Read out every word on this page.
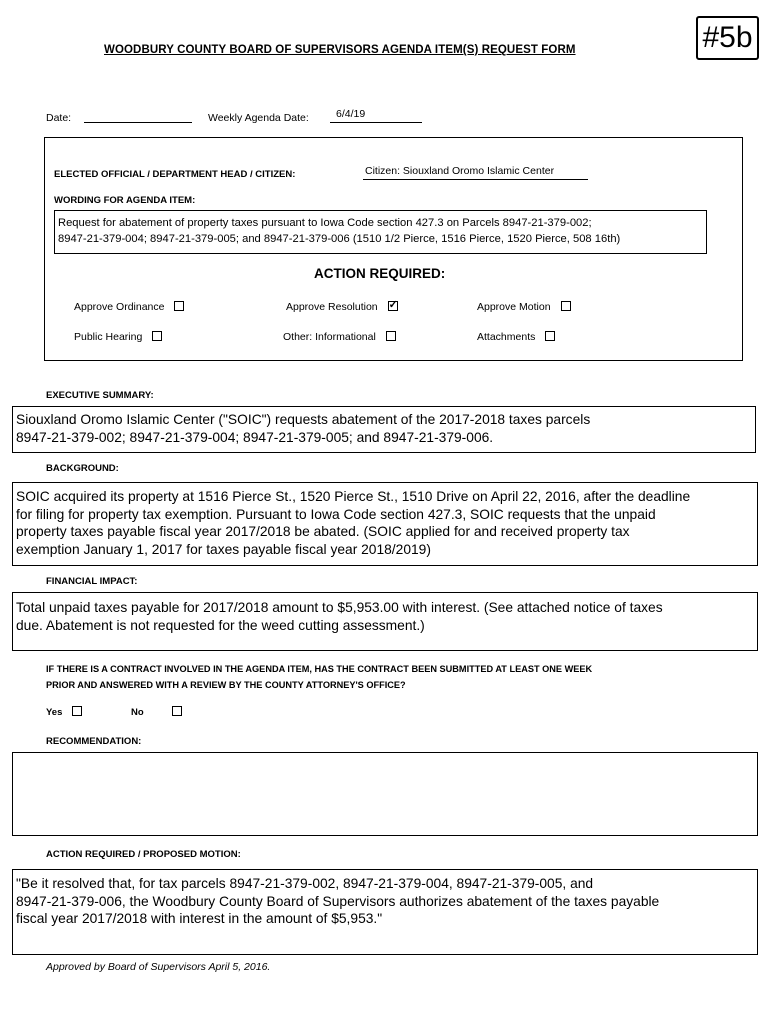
WOODBURY COUNTY BOARD OF SUPERVISORS AGENDA ITEM(S) REQUEST FORM	#5b
Date:	Weekly Agenda Date:	6/4/19
ELECTED OFFICIAL / DEPARTMENT HEAD / CITIZEN:	Citizen: Siouxland Oromo Islamic Center
WORDING FOR AGENDA ITEM:
Request for abatement of property taxes pursuant to Iowa Code section 427.3 on Parcels 8947-21-379-002;
8947-21-379-004; 8947-21-379-005; and 8947-21-379-006 (1510 1/2 Pierce, 1516 Pierce, 1520 Pierce, 508 16th)
ACTION REQUIRED:
Approve Ordinance	Approve Resolution✓	Approve Motion
Public Hearing	Other: Informational	Attachments
EXECUTIVE SUMMARY:
Siouxland Oromo Islamic Center ("SOIC") requests abatement of the 2017-2018 taxes parcels
8947-21-379-002; 8947-21-379-004; 8947-21-379-005; and 8947-21-379-006.
BACKGROUND:
SOIC acquired its property at 1516 Pierce St., 1520 Pierce St., 1510 Drive on April 22, 2016, after the deadline
for filing for property tax exemption. Pursuant to Iowa Code section 427.3, SOIC requests that the unpaid
property taxes payable fiscal year 2017/2018 be abated. (SOIC applied for and received property tax
exemption January 1, 2017 for taxes payable fiscal year 2018/2019)
FINANCIAL IMPACT:
Total unpaid taxes payable for 2017/2018 amount to $5,953.00 with interest. (See attached notice of taxes
due. Abatement is not requested for the weed cutting assessment.)
IF THERE IS A CONTRACT INVOLVED IN THE AGENDA ITEM, HAS THE CONTRACT BEEN SUBMITTED AT LEAST ONE WEEK
PRIOR AND ANSWERED WITH A REVIEW BY THE COUNTY ATTORNEY'S OFFICE?
Yes	No
RECOMMENDATION:
ACTION REQUIRED / PROPOSED MOTION:
"Be it resolved that, for tax parcels 8947-21-379-002, 8947-21-379-004, 8947-21-379-005, and
8947-21-379-006, the Woodbury County Board of Supervisors authorizes abatement of the taxes payable
fiscal year 2017/2018 with interest in the amount of $5,953."
Approved by Board of Supervisors April 5, 2016.
